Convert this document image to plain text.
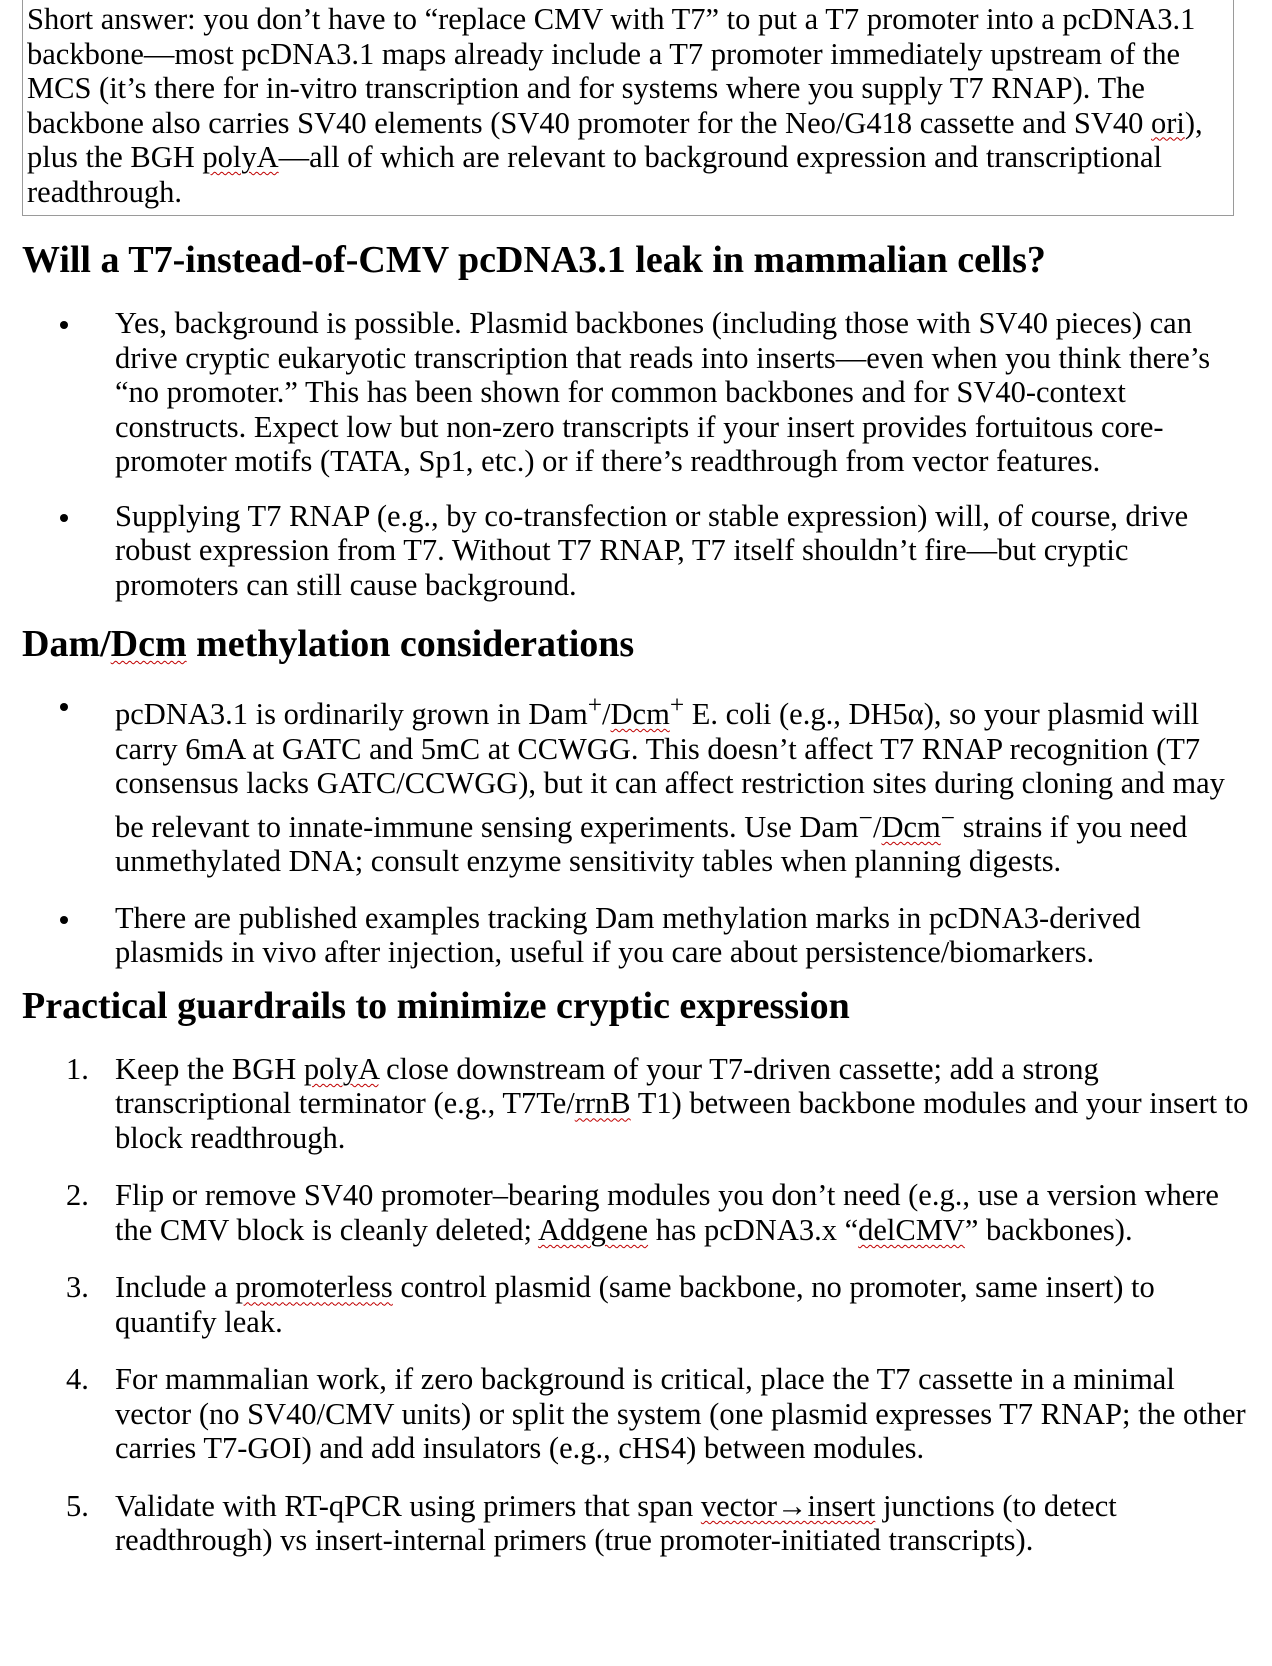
Short answer: you don’t have to “replace CMV with T7” to put a T7 promoter into a pcDNA3.1 backbone—most pcDNA3.1 maps already include a T7 promoter immediately upstream of the MCS (it’s there for in-vitro transcription and for systems where you supply T7 RNAP). The backbone also carries SV40 elements (SV40 promoter for the Neo/G418 cassette and SV40 ori), plus the BGH polyA—all of which are relevant to background expression and transcriptional readthrough.
Will a T7-instead-of-CMV pcDNA3.1 leak in mammalian cells?
Yes, background is possible. Plasmid backbones (including those with SV40 pieces) can drive cryptic eukaryotic transcription that reads into inserts—even when you think there’s “no promoter.” This has been shown for common backbones and for SV40-context constructs. Expect low but non-zero transcripts if your insert provides fortuitous core-promoter motifs (TATA, Sp1, etc.) or if there’s readthrough from vector features.
Supplying T7 RNAP (e.g., by co-transfection or stable expression) will, of course, drive robust expression from T7. Without T7 RNAP, T7 itself shouldn’t fire—but cryptic promoters can still cause background.
Dam/Dcm methylation considerations
pcDNA3.1 is ordinarily grown in Dam+/Dcm+ E. coli (e.g., DH5α), so your plasmid will carry 6mA at GATC and 5mC at CCWGG. This doesn’t affect T7 RNAP recognition (T7 consensus lacks GATC/CCWGG), but it can affect restriction sites during cloning and may be relevant to innate-immune sensing experiments. Use Dam−/Dcm− strains if you need unmethylated DNA; consult enzyme sensitivity tables when planning digests.
There are published examples tracking Dam methylation marks in pcDNA3-derived plasmids in vivo after injection, useful if you care about persistence/biomarkers.
Practical guardrails to minimize cryptic expression
1. Keep the BGH polyA close downstream of your T7-driven cassette; add a strong transcriptional terminator (e.g., T7Te/rrnB T1) between backbone modules and your insert to block readthrough.
2. Flip or remove SV40 promoter–bearing modules you don’t need (e.g., use a version where the CMV block is cleanly deleted; Addgene has pcDNA3.x “delCMV” backbones).
3. Include a promoterless control plasmid (same backbone, no promoter, same insert) to quantify leak.
4. For mammalian work, if zero background is critical, place the T7 cassette in a minimal vector (no SV40/CMV units) or split the system (one plasmid expresses T7 RNAP; the other carries T7-GOI) and add insulators (e.g., cHS4) between modules.
5. Validate with RT-qPCR using primers that span vector→insert junctions (to detect readthrough) vs insert-internal primers (true promoter-initiated transcripts).
